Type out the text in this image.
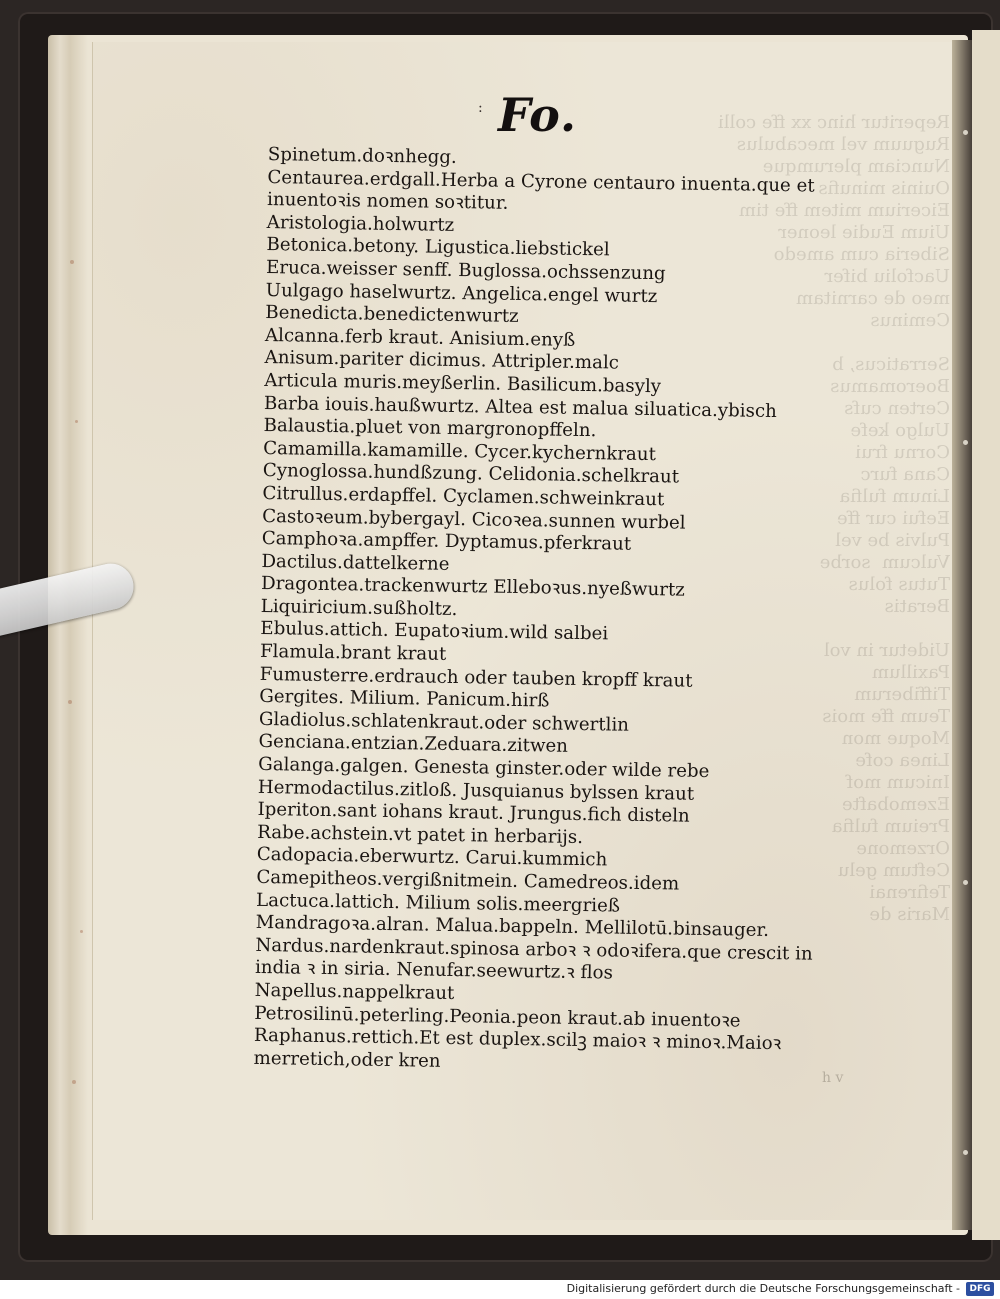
Reperitur hinc xx ffe colli
Ruguum vel mecabulus
Nunciam plerumque
Ouinis minufis
Eicerium mitem ffe tim
Uium Eudie leoner
Siberia cum amedo
Uacfoliu bifer
meo de carnitam
Ceminus

Serraticus, b
Boeromamus
Certen cufs
Uulgo kefe
Cornu frui
Cana furc
Linum fulfia
Eefui cur ffe
Pulvis be vel
Vulcum  sorbe
Tutus folus
Beratis

Uidetur in vol
Paxillum
Tiffiberum
Teum ffe mois
Moque mon
Linea cofe
Inicum mof
Ezemobafte
Preium fulfia
Orzemone
Ceftum gelu
Tefirenai
Maris de

: Fo.
Spinetum.doꝛnhegg.
Centaurea.erdgall.Herba a Cyrone centauro inuenta.que et
inuentoꝛis nomen soꝛtitur.
Aristologia.holwurtz
Betonica.betony. Ligustica.liebstickel
Eruca.weisser senff. Buglossa.ochssenzung
Uulgago haselwurtz. Angelica.engel wurtz
Benedicta.benedictenwurtz
Alcanna.ferb kraut. Anisium.enyß
Anisum.pariter dicimus. Attripler.malc
Articula muris.meyßerlin. Basilicum.basyly
Barba iouis.haußwurtz. Altea est malua siluatica.ybisch
Balaustia.pluet von margronopffeln.
Camamilla.kamamille. Cycer.kychernkraut
Cynoglossa.hundßzung. Celidonia.schelkraut
Citrullus.erdapffel. Cyclamen.schweinkraut
Castoꝛeum.bybergayl. Cicoꝛea.sunnen wurbel
Camphoꝛa.ampffer. Dyptamus.pferkraut
Dactilus.dattelkerne
Dragontea.trackenwurtz Elleboꝛus.nyeßwurtz
Liquiricium.sußholtz.
Ebulus.attich. Eupatoꝛium.wild salbei
Flamula.brant kraut
Fumusterre.erdrauch oder tauben kropff kraut
Gergites. Milium. Panicum.hirß
Gladiolus.schlatenkraut.oder schwertlin
Genciana.entzian.Zeduara.zitwen
Galanga.galgen. Genesta ginster.oder wilde rebe
Hermodactilus.zitloß. Jusquianus bylssen kraut
Iperiton.sant iohans kraut. Jrungus.fich disteln
Rabe.achstein.vt patet in herbarijs.
Cadopacia.eberwurtz. Carui.kummich
Camepitheos.vergißnitmein. Camedreos.idem
Lactuca.lattich. Milium solis.meergrieß
Mandragoꝛa.alran. Malua.bappeln. Mellilotū.binsauger.
Nardus.nardenkraut.spinosa arboꝛ ꝛ odoꝛifera.que crescit in
india ꝛ in siria. Nenufar.seewurtz.ꝛ flos
Napellus.nappelkraut
Petrosilinū.peterling.Peonia.peon kraut.ab inuentoꝛe
Raphanus.rettich.Et est duplex.scilꝫ maioꝛ ꝛ minoꝛ.Maioꝛ
merretich,oder kren
h v
Digitalisierung gefördert durch die Deutsche Forschungsgemeinschaft -	DFG
